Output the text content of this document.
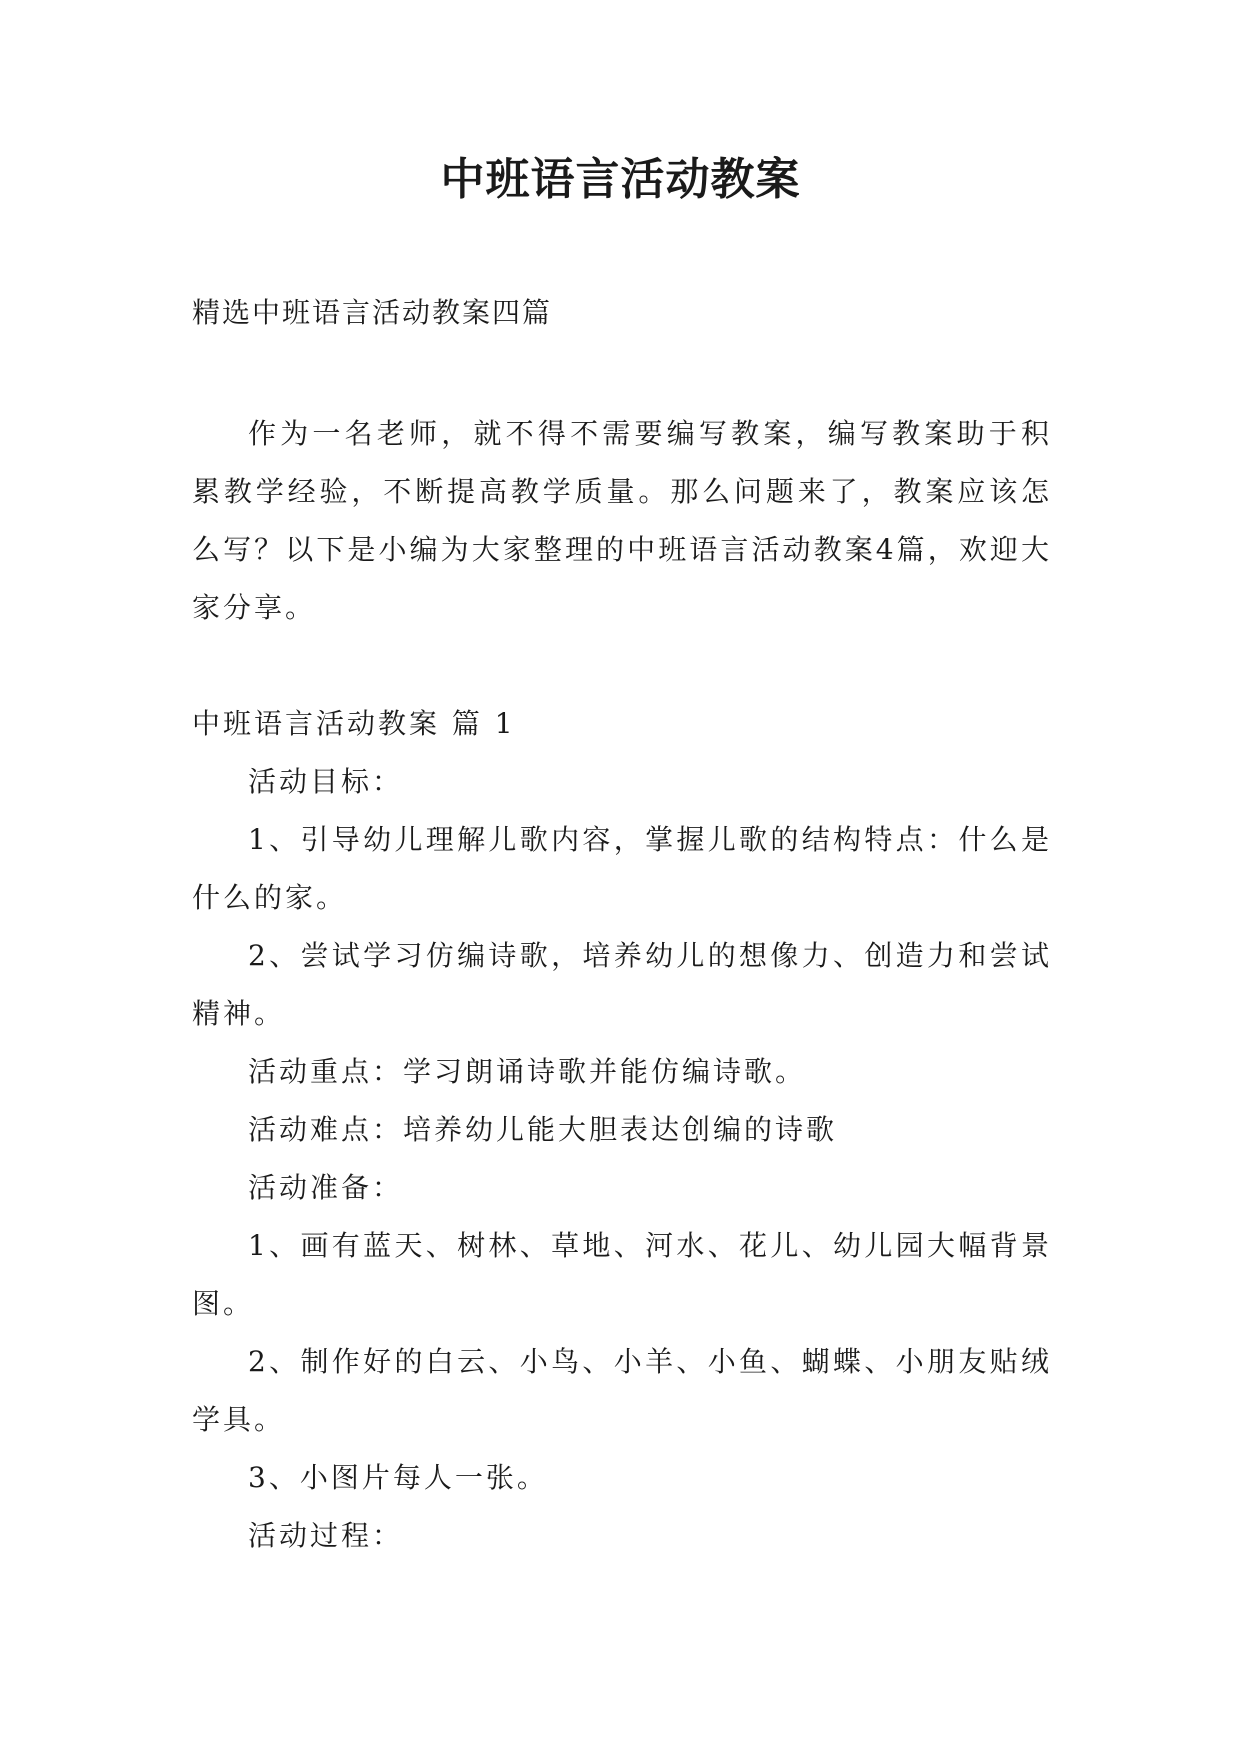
中班语言活动教案
精选中班语言活动教案四篇

作为一名老师，就不得不需要编写教案，编写教案助于积累教学经验，不断提高教学质量。那么问题来了，教案应该怎么写？以下是小编为大家整理的中班语言活动教案4篇，欢迎大家分享。

中班语言活动教案 篇 1

活动目标：

1、引导幼儿理解儿歌内容，掌握儿歌的结构特点：什么是什么的家。

2、尝试学习仿编诗歌，培养幼儿的想像力、创造力和尝试精神。

活动重点：学习朗诵诗歌并能仿编诗歌。

活动难点：培养幼儿能大胆表达创编的诗歌

活动准备：

1、画有蓝天、树林、草地、河水、花儿、幼儿园大幅背景图。

2、制作好的白云、小鸟、小羊、小鱼、蝴蝶、小朋友贴绒学具。

3、小图片每人一张。

活动过程：
